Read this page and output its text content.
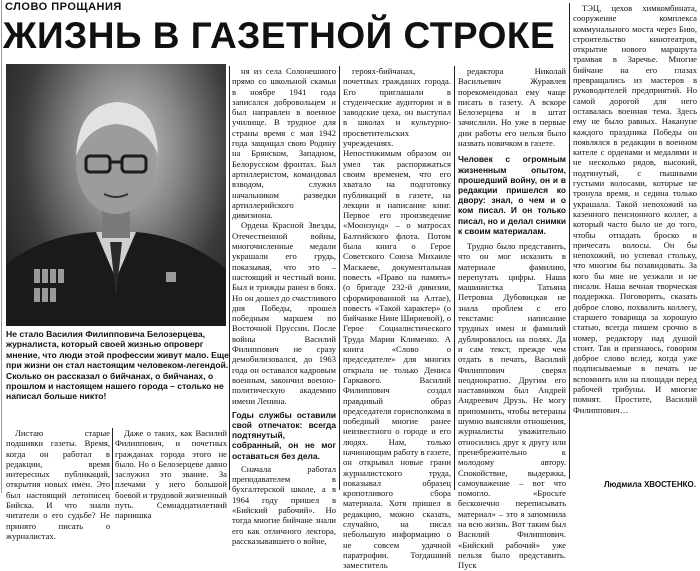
СЛОВО ПРОЩАНИЯ
ЖИЗНЬ В ГАЗЕТНОЙ СТРОКЕ
Не стало Василия Филипповича Белозерцева, журналиста, который своей жизнью опроверг мнение, что люди этой профессии живут мало. Еще при жизни он стал настоящим человеком-легендой. Сколько он рассказал о бийчанах, о бийчанах, о прошлом и настоящем нашего города – столько не написал больше никто!

Листаю старые подшивки газеты. Время, когда он работал в редакции, время интересных публикаций, открытия новых имен. Это был настоящий летописец Бийска. И что знали читатели о его судьбе? Не принято писать о журналистах.

ня из села Солонешного прямо со школьной скамьи в ноябре 1941 года записался добровольцем и был направлен в военное училище. В трудное для страны время с мая 1942 года защищал свою Родину на Брянском, Западном, Белорусском фронтах. Был артиллеристом, командовал взводом, служил начальником разведки артиллерийского дивизиона.

Ордена Красной Звезды, Отечественной войны, многочисленные медали украшали его грудь, показывая, что это – настоящий и честный воин. Был и трижды ранен в боях. Но он дошел до счастливого дня Победы, прошел победным маршем по Восточной Пруссии. После войны Василий Филиппович не сразу демобилизовался, до 1963 года он оставался кадровым военным, закончил военно-политическую академию имени Ленина.

Годы службы оставили свой отпечаток: всегда подтянутый, собранный, он не мог оставаться без дела.

Сначала работал преподавателем в бухгалтерской школе, а в 1964 году пришел в «Бийский рабочий». Но тогда многие бийчане знали его как отличного лектора, рассказывавшего о войне,

Даже о таких, как Василий Филиппович, и почетных гражданах города этого не было. Но о Белозерцеве давно заслужил это звание. За плечами у него большой боевой и трудовой жизненный путь. Семнадцатилетний парнишка

героях-бийчанах, почетных гражданах города. Его приглашали в студенческие аудитории и в заводские цеха, он выступал в школах и культурно-просветительских учреждениях. Непостижимым образом он умел так распоряжаться своим временем, что его хватало на подготовку публикаций в газете, на лекции и написание книг. Первое его произведение «Моонзунд» – о матросах Балтийского флота. Потом была книга о Герое Советского Союза Михаиле Маскаеве, документальная повесть «Право на память» (о бригаде 232-й дивизии, сформированной на Алтае), повесть «Такой характер» (о бийчанке Нине Шириевой), о Герое Социалистического Труда Марии Клименко. А книга «Слово о председателе» для многих открыла не только Дениса Гаркавого. Василий Филиппович создал правдивый образ председателя горисполкома в победный многие ранее неизвестного о городе и его людях. Нам, только начинающим работу в газете, он открывал новые грани журналистского труда, показывал образец кропотливого сбора материала. Хотя пришел в редакцию, можно сказать, случайно, на писал небольшую информацию о не совсем удачной паратрофии. Тогдашний заместитель

редактора Николай Васильевич Журавлев порекомендовал ему чаще писать в газету. А вскоре Белозерцева и в штат зачислили. Но уже в первые дни работы его нельзя было назвать новичком в газете.

Человек с огромным жизненным опытом, прошедший войну, он и в редакции пришелся ко двору: знал, о чем и о ком писал. И он только писал, но и делал снимки к своим материалам.

Трудно было представить, что он мог исказить в материале фамилию, перепутать цифры. Наша машинистка Татьяна Петровна Дубовицкая не знала проблем с его текстами: написание трудных имен и фамилий дублировалось на полях. Да и сам текст, прежде чем отдать в печать, Василий Филиппович сверял неоднократно. Другим его наставником был Андрей Андреевич Друзь. Не могу припомнить, чтобы ветераны шумно выясняли отношения, журналисты уважительно относились друг к другу или пренебрежительно к молодому автору. Спокойствие, выдержка, самоуважение – вот что помогло. «Бросьте бесконечно переписывать материал» – это я запомнила на всю жизнь. Вот таким был Василий Филиппович. «Бийский рабочий» уже нельзя было представить. Пуск

ТЭЦ, цехов химкомбината, сооружение комплекса коммунального моста через Бию, строительство кинотеатров, открытие нового маршрута трамвая в Заречье. Многие бийчане на его глазах превращались из мастеров в руководителей предприятий. Но самой дорогой для него оставалась военная тема. Здесь ему не было равных. Накануне каждого праздника Победы он появлялся в редакции в военном кителе с орденами и медалями и не несколько рядов, высокий, подтянутый, с пышными густыми волосами, которые не тронула время, и седина только украшала. Такой непохожий на казенного пенсионного коллег, а который часто было не до того, чтобы отпадать броско и причесать волосы. Он бы непохожий, но успевал стольку, что многим бы позавидовать. За кого бы мне не уезжали и не писали. Наша вечная творческая поддержка. Поговорить, сказать доброе слово, похвалить коллегу, старшего товарища за хорошую статью, всегда пишем срочно в номер, редактору над душой стоит. Так и признаюсь, говорим доброе слово вслед, когда уже подписываемые в печать не вспомнить или на площади перед рабочей трибуны. И многие помнят. Простите, Василий Филиппович…

Людмила ХВОСТЕНКО.
